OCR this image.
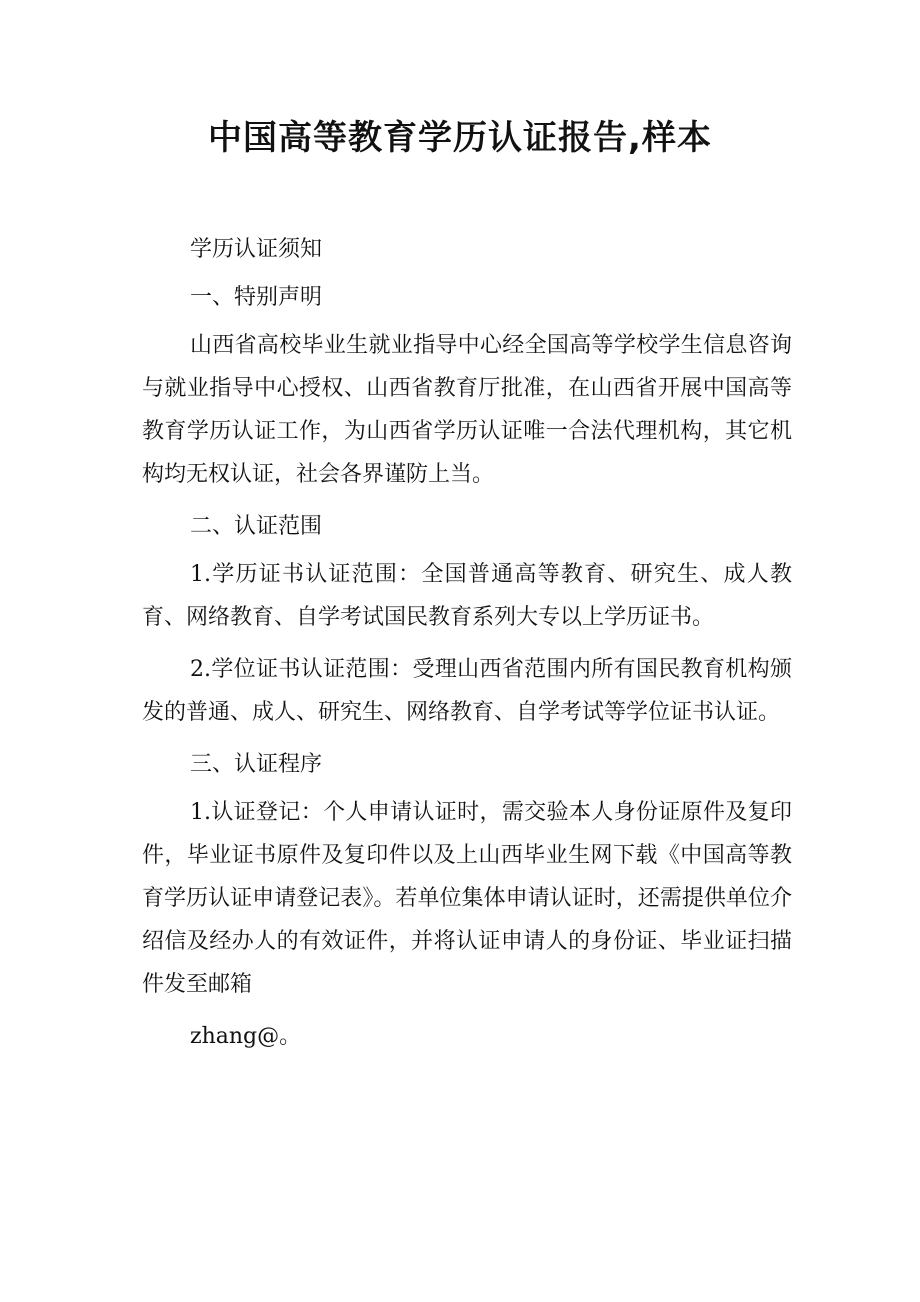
中国高等教育学历认证报告,样本

学历认证须知

一、特别声明

山西省高校毕业生就业指导中心经全国高等学校学生信息咨询与就业指导中心授权、山西省教育厅批准，在山西省开展中国高等教育学历认证工作，为山西省学历认证唯一合法代理机构，其它机构均无权认证，社会各界谨防上当。

二、认证范围

1.学历证书认证范围：全国普通高等教育、研究生、成人教育、网络教育、自学考试国民教育系列大专以上学历证书。

2.学位证书认证范围：受理山西省范围内所有国民教育机构颁发的普通、成人、研究生、网络教育、自学考试等学位证书认证。

三、认证程序

1.认证登记：个人申请认证时，需交验本人身份证原件及复印件，毕业证书原件及复印件以及上山西毕业生网下载《中国高等教育学历认证申请登记表》。若单位集体申请认证时，还需提供单位介绍信及经办人的有效证件，并将认证申请人的身份证、毕业证扫描件发至邮箱

zhang@。
